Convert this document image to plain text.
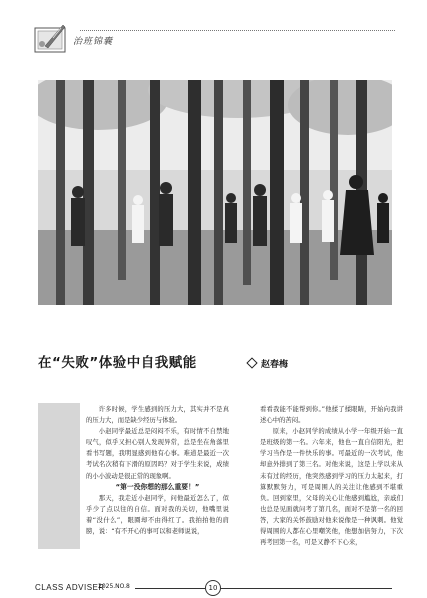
治班锦囊
在“失败”体验中自我赋能	赵春梅

许多时候，学生感到的压力大，其实并不是真的压力大，而是缺少经历与体验。

小赵同学最近总是闷闷不乐，有时情不自禁地叹气，似乎又担心别人发现异常，总是坐在角落里看书写题，我明显感到他有心事。难道是最近一次考试名次稍有下滑的原因吗？对于学生来说，成绩的小小波动是很正常的现象啊。

“第一没你想的那么重要！”

那天，我走近小赵同学，问他最近怎么了，似乎少了点以往的自信。面对我的关切，他嘴里说着“没什么”，眼圈却不由得红了。我拍拍他的肩膀，说：“有不开心的事可以和老师说说，

看看我能不能帮到你。”他揉了揉眼睛，开始向我讲述心中的苦闷。

原来，小赵同学的成绩从小学一年级开始一直是班级的第一名。六年来，他也一直自信阳光，把学习当作是一件快乐的事。可最近的一次考试，他却意外排到了第三名。对他来说，这是上学以来从未有过的经历，他突然感到学习的压力太起来，打算默默努力，可是周围人的关注让他感到不堪重负。回到家里，父母的关心让他感到尴尬，亲戚们也总是见面就问考了第几名，面对不是第一名的回答，大家的关怀鼓励对他来说像是一种讽刺。他觉得周围的人都在心里嘲笑他，他想加倍努力，下次再考回第一名，可是又静不下心来，

CLASS ADVISER
2025.NO.8	10
